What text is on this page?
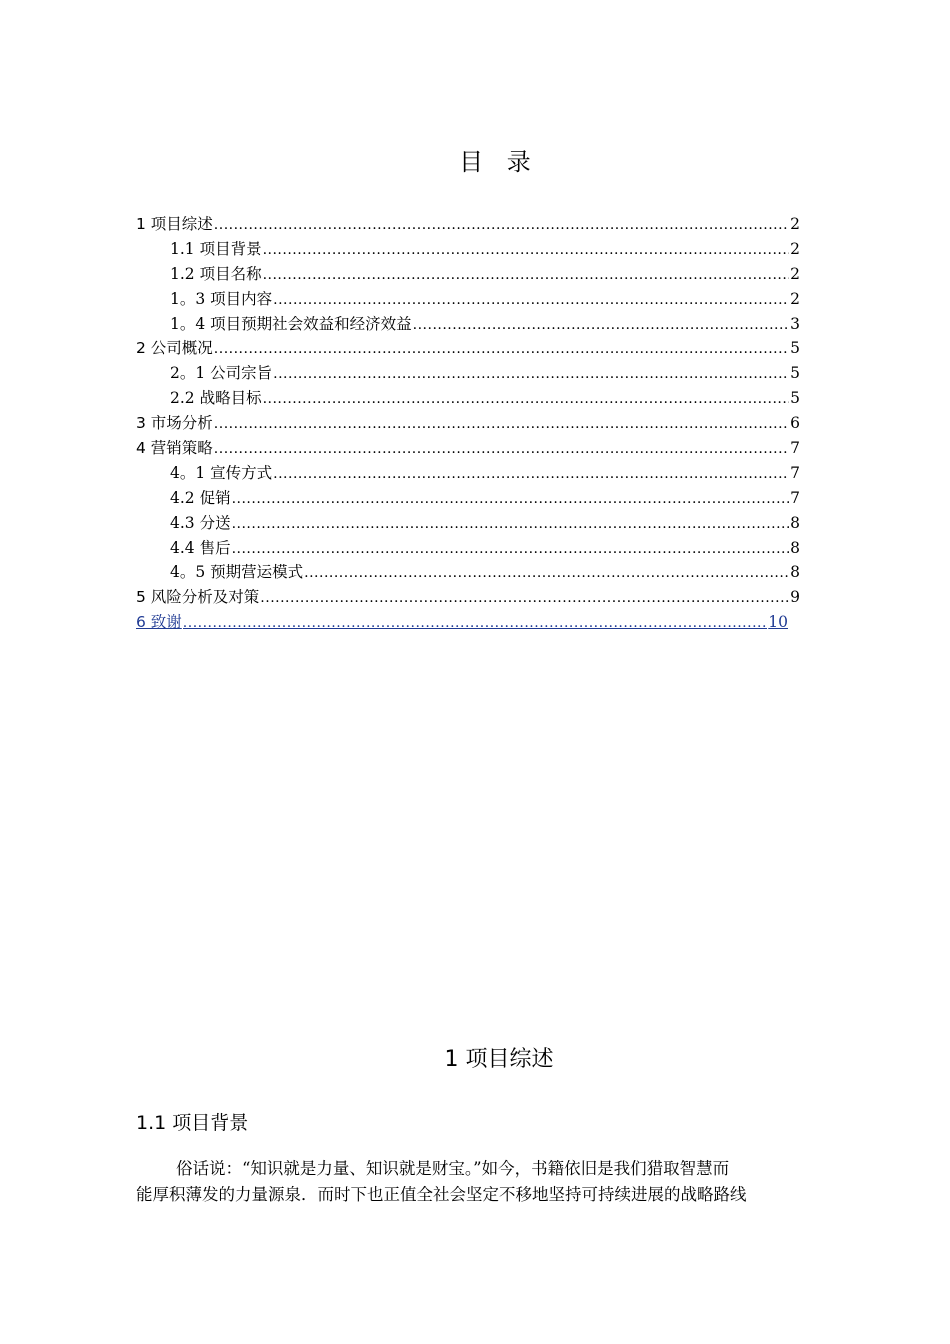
目 录
1 项目综述 .....	2
1.1 项目背景 .....	2
1.2 项目名称 .....	2
1。3 项目内容 .....	2
1。4 项目预期社会效益和经济效益 .....	3
2 公司概况 .....	5
2。1 公司宗旨 .....	5
2.2 战略目标 .....	5
3 市场分析 .....	6
4 营销策略 .....	7
4。1 宣传方式 .....	7
4.2 促销 .....	7
4.3 分送 .....	8
4.4 售后 .....	8
4。5 预期营运模式 .....	8
5 风险分析及对策 .....	9
6 致谢 .....	10
1 项目综述
1.1 项目背景
俗话说：“知识就是力量、知识就是财宝。”如今，书籍依旧是我们猎取智慧而
能厚积薄发的力量源泉．而时下也正值全社会坚定不移地坚持可持续进展的战略路线
